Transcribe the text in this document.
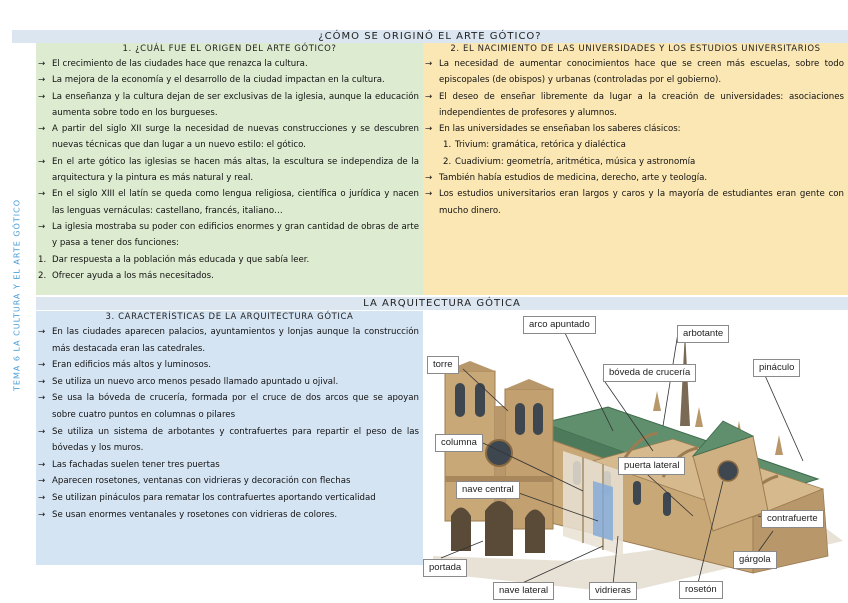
¿CÓMO SE ORIGINÓ EL ARTE GÓTICO?
TEMA 6 LA CULTURA Y EL ARTE GÓTICO
1. ¿CUÁL FUE EL ORIGEN DEL ARTE GÓTICO?
→ El crecimiento de las ciudades hace que renazca la cultura.
→ La mejora de la economía y el desarrollo de la ciudad impactan en la cultura.
→ La enseñanza y la cultura dejan de ser exclusivas de la iglesia, aunque la educación aumenta sobre todo en los burgueses.
→ A partir del siglo XII surge la necesidad de nuevas construcciones y se descubren nuevas técnicas que dan lugar a un nuevo estilo: el gótico.
→ En el arte gótico las iglesias se hacen más altas, la escultura se independiza de la arquitectura y la pintura es más natural y real.
→ En el siglo XIII el latín se queda como lengua religiosa, científica o jurídica y nacen las lenguas vernáculas: castellano, francés, italiano…
→ La iglesia mostraba su poder con edificios enormes y gran cantidad de obras de arte y pasa a tener dos funciones:
1. Dar respuesta a la población más educada y que sabía leer.
2. Ofrecer ayuda a los más necesitados.
2. EL NACIMIENTO DE LAS UNIVERSIDADES Y LOS ESTUDIOS UNIVERSITARIOS
→ La necesidad de aumentar conocimientos hace que se creen más escuelas, sobre todo episcopales (de obispos) y urbanas (controladas por el gobierno).
→ El deseo de enseñar libremente da lugar a la creación de universidades: asociaciones independientes de profesores y alumnos.
→ En las universidades se enseñaban los saberes clásicos:
1. Trivium: gramática, retórica y dialéctica
2. Cuadivium: geometría, aritmética, música y astronomía
→ También había estudios de medicina, derecho, arte y teología.
→ Los estudios universitarios eran largos y caros y la mayoría de estudiantes eran gente con mucho dinero.
LA ARQUITECTURA GÓTICA
3. CARACTERÍSTICAS DE LA ARQUITECTURA GÓTICA
→ En las ciudades aparecen palacios, ayuntamientos y lonjas aunque la construcción más destacada eran las catedrales.
→ Eran edificios más altos y luminosos.
→ Se utiliza un nuevo arco menos pesado llamado apuntado u ojival.
→ Se usa la bóveda de crucería, formada por el cruce de dos arcos que se apoyan sobre cuatro puntos en columnas o pilares
→ Se utiliza un sistema de arbotantes y contrafuertes para repartir el peso de las bóvedas y los muros.
→ Las fachadas suelen tener tres puertas
→ Aparecen rosetones, ventanas con vidrieras y decoración con flechas
→ Se utilizan pináculos para rematar los contrafuertes aportando verticalidad
→ Se usan enormes ventanales y rosetones con vidrieras de colores.
arco apuntado
arbotante
torre
bóveda de crucería	pináculo
columna
puerta lateral
nave central
contrafuerte
gárgola
portada
nave lateral	vidrieras	rosetón
